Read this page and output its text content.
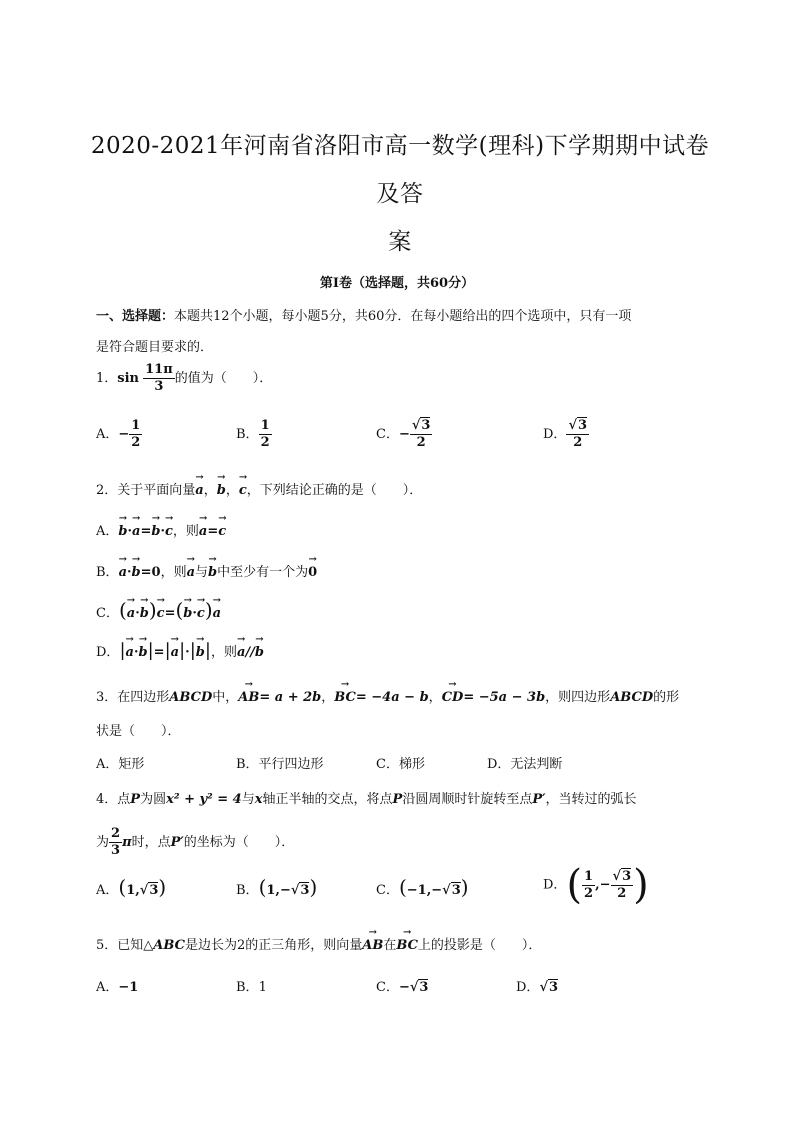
2020-2021年河南省洛阳市高一数学(理科)下学期期中试卷及答
案
第Ⅰ卷（选择题，共60分）
一、选择题：本题共12个小题，每小题5分，共60分．在每小题给出的四个选项中，只有一项
是符合题目要求的．
1．$\sin \frac{11\pi}{3}$ 的值为（　　）．
A．− $\frac{1}{2}$	B． $\frac{1}{2}$	C．− $\frac{√3}{2}$	D． $\frac{√3}{2}$
2．关于平面向量→ a，→ b，→ c，下列结论正确的是（　　）．
A．→ b·→ a=→ b·→ c，则→ a=→ c
B．→ a·→ b=0，则→ a与→ b中至少有一个为→ 0
C．(→ a·→ b)→ c=(→ b·→ c)→ a
D．|→ a·→ b|=|→ a|·|→ b|，则→ a//→ b
3．在四边形ABCD中，→ AB= a + 2b，→ BC= −4a − b，→ CD= −5a − 3b，则四边形ABCD的形
状是（　　）．
A．矩形	B．平行四边形	C．梯形	D．无法判断
4．点P为圆x² + y² = 4与x轴正半轴的交点，将点P沿圆周顺时针旋转至点P′，当转过的弧长
为 $\frac{2}{3}$ π时，点P′的坐标为（　　）．
A．(1,√3)	B．(1,−√3)	C．(−1,−√3)	D．( $\frac{1}{2}$ ,− $\frac{√3}{2}$ )
5．已知△ABC是边长为2的正三角形，则向量→ AB在→ BC上的投影是（　　）．
A．−1	B．1	C．−√3	D．√3
